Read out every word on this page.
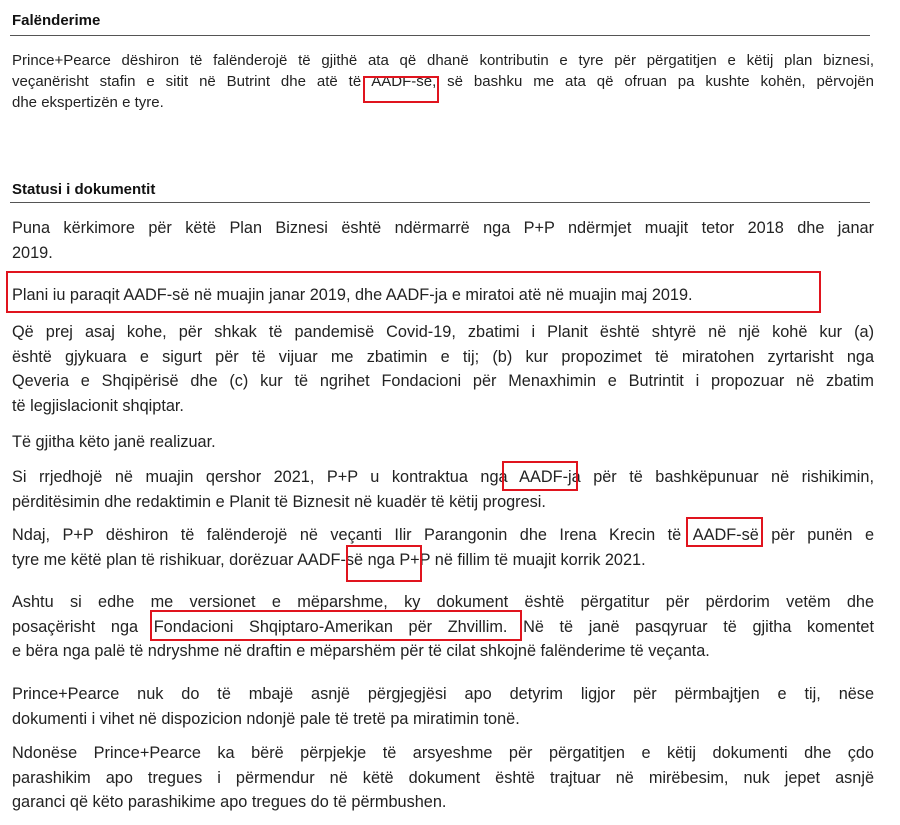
Falënderime
Prince+Pearce dëshiron të falënderojë të gjithë ata që dhanë kontributin e tyre për përgatitjen e këtij plan biznesi,
veçanërisht stafin e sitit në Butrint dhe atë të AADF-së, së bashku me ata që ofruan pa kushte kohën, përvojën
dhe ekspertizën e tyre.
Statusi i dokumentit
Puna kërkimore për këtë Plan Biznesi është ndërmarrë nga P+P ndërmjet muajit tetor 2018 dhe janar
2019.
Plani iu paraqit AADF-së në muajin janar 2019, dhe AADF-ja e miratoi atë në muajin maj 2019.
Që prej asaj kohe, për shkak të pandemisë Covid-19, zbatimi i Planit është shtyrë në një kohë kur (a)
është gjykuara e sigurt për të vijuar me zbatimin e tij; (b) kur propozimet të miratohen zyrtarisht nga
Qeveria e Shqipërisë dhe (c) kur të ngrihet Fondacioni për Menaxhimin e Butrintit i propozuar në zbatim
të legjislacionit shqiptar.
Të gjitha këto janë realizuar.
Si rrjedhojë në muajin qershor 2021, P+P u kontraktua nga AADF-ja për të bashkëpunuar në rishikimin,
përditësimin dhe redaktimin e Planit të Biznesit në kuadër të këtij progresi.
Ndaj, P+P dëshiron të falënderojë në veçanti Ilir Parangonin dhe Irena Krecin të AADF-së për punën e
tyre me këtë plan të rishikuar, dorëzuar AADF-së nga P+P në fillim të muajit korrik 2021.
Ashtu si edhe me versionet e mëparshme, ky dokument është përgatitur për përdorim vetëm dhe
posaçërisht nga Fondacioni Shqiptaro-Amerikan për Zhvillim. Në të janë pasqyruar të gjitha komentet
e bëra nga palë të ndryshme në draftin e mëparshëm për të cilat shkojnë falënderime të veçanta.
Prince+Pearce nuk do të mbajë asnjë përgjegjësi apo detyrim ligjor për përmbajtjen e tij, nëse
dokumenti i vihet në dispozicion ndonjë pale të tretë pa miratimin tonë.
Ndonëse Prince+Pearce ka bërë përpjekje të arsyeshme për përgatitjen e këtij dokumenti dhe çdo
parashikim apo tregues i përmendur në këtë dokument është trajtuar në mirëbesim, nuk jepet asnjë
garanci që këto parashikime apo tregues do të përmbushen.
